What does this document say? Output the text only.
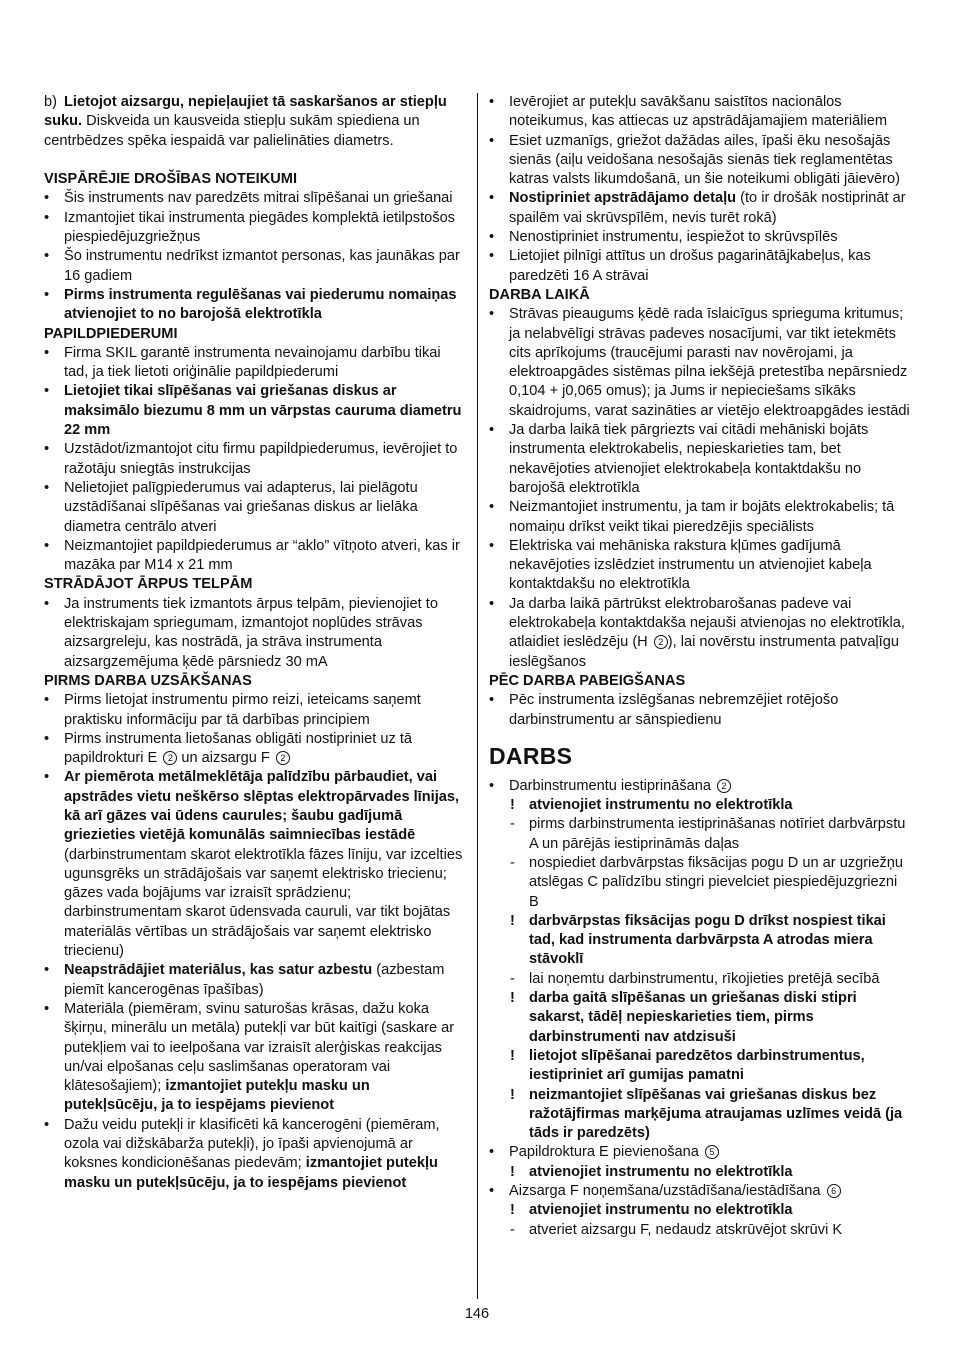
b) Lietojot aizsargu, nepieļaujiet tā saskaršanos ar stiepļu suku. Diskveida un kausveida stiepļu sukām spiediena un centrbēdzes spēka iespaidā var palielināties diametrs.

VISPĀRĒJIE DROŠĪBAS NOTEIKUMI

• Šis instruments nav paredzēts mitrai slīpēšanai un griešanai
• Izmantojiet tikai instrumenta piegādes komplektā ietilpstošos piespiedējuzgriežņus
• Šo instrumentu nedrīkst izmantot personas, kas jaunākas par 16 gadiem
• Pirms instrumenta regulēšanas vai piederumu nomaiņas atvienojiet to no barojošā elektrotīkla

PAPILDPIEDERUMI

• Firma SKIL garantē instrumenta nevainojamu darbību tikai tad, ja tiek lietoti oriģinālie papildpiederumi
• Lietojiet tikai slīpēšanas vai griešanas diskus ar maksimālo biezumu 8 mm un vārpstas cauruma diametru 22 mm
• Uzstādot/izmantojot citu firmu papildpiederumus, ievērojiet to ražotāju sniegtās instrukcijas
• Nelietojiet palīgpiederumus vai adapterus, lai pielāgotu uzstādīšanai slīpēšanas vai griešanas diskus ar lielāka diametra centrālo atveri
• Neizmantojiet papildpiederumus ar “aklo” vītņoto atveri, kas ir mazāka par M14 x 21 mm

STRĀDĀJOT ĀRPUS TELPĀM

• Ja instruments tiek izmantots ārpus telpām, pievienojiet to elektriskajam spriegumam, izmantojot noplūdes strāvas aizsargreleju, kas nostrādā, ja strāva instrumenta aizsargzemējuma ķēdē pārsniedz 30 mA

PIRMS DARBA UZSĀKŠANAS

• Pirms lietojat instrumentu pirmo reizi, ieteicams saņemt praktisku informāciju par tā darbības principiem
• Pirms instrumenta lietošanas obligāti nostipriniet uz tā papildrokturi E 2 un aizsargu F 2
• Ar piemērota metālmeklētāja palīdzību pārbaudiet, vai apstrādes vietu neškērso slēptas elektropārvades līnijas, kā arī gāzes vai ūdens caurules; šaubu gadījumā griezieties vietējā komunālās saimniecības iestādē (darbinstrumentam skarot elektrotīkla fāzes līniju, var izcelties ugunsgrēks un strādājošais var saņemt elektrisko triecienu; gāzes vada bojājums var izraisīt sprādzienu; darbinstrumentam skarot ūdensvada cauruli, var tikt bojātas materiālās vērtības un strādājošais var saņemt elektrisko triecienu)
• Neapstrādājiet materiālus, kas satur azbestu (azbestam piemīt kancerogēnas īpašības)
• Materiāla (piemēram, svinu saturošas krāsas, dažu koka šķirņu, minerālu un metāla) putekļi var būt kaitīgi (saskare ar putekļiem vai to ieelpošana var izraisīt alerģiskas reakcijas un/vai elpošanas ceļu saslimšanas operatoram vai klātesošajiem); izmantojiet putekļu masku un putekļsūcēju, ja to iespējams pievienot
• Dažu veidu putekļi ir klasificēti kā kancerogēni (piemēram, ozola vai dižskābarža putekļi), jo īpaši apvienojumā ar koksnes kondicionēšanas piedevām; izmantojiet putekļu masku un putekļsūcēju, ja to iespējams pievienot
• Ievērojiet ar putekļu savākšanu saistītos nacionālos noteikumus, kas attiecas uz apstrādājamajiem materiāliem
• Esiet uzmanīgs, griežot dažādas ailes, īpaši ēku nesošajās sienās (aiļu veidošana nesošajās sienās tiek reglamentētas katras valsts likumdošanā, un šie noteikumi obligāti jāievēro)
• Nostipriniet apstrādājamo detaļu (to ir drošāk nostiprināt ar spailēm vai skrūvspīlēm, nevis turēt rokā)
• Nenostipriniet instrumentu, iespiežot to skrūvspīlēs
• Lietojiet pilnīgi attītus un drošus pagarinātājkabeļus, kas paredzēti 16 A strāvai

DARBA LAIKĀ

• Strāvas pieaugums ķēdē rada īslaicīgus sprieguma kritumus; ja nelabvēlīgi strāvas padeves nosacījumi, var tikt ietekmēts cits aprīkojums (traucējumi parasti nav novērojami, ja elektroapgādes sistēmas pilna iekšējā pretestība nepārsniedz 0,104 + j0,065 omus); ja Jums ir nepieciešams sīkāks skaidrojums, varat sazināties ar vietējo elektroapgādes iestādi
• Ja darba laikā tiek pārgriezts vai citādi mehāniski bojāts instrumenta elektrokabelis, nepieskarieties tam, bet nekavējoties atvienojiet elektrokabeļa kontaktdakšu no barojošā elektrotīkla
• Neizmantojiet instrumentu, ja tam ir bojāts elektrokabelis; tā nomaiņu drīkst veikt tikai pieredzējis speciālists
• Elektriska vai mehāniska rakstura kļūmes gadījumā nekavējoties izslēdziet instrumentu un atvienojiet kabeļa kontaktdakšu no elektrotīkla
• Ja darba laikā pārtrūkst elektrobarošanas padeve vai elektrokabeļa kontaktdakša nejauši atvienojas no elektrotīkla, atlaidiet ieslēdzēju (H 2 ), lai novērstu instrumenta patvaļīgu ieslēgšanos

PĒC DARBA PABEIGŠANAS

• Pēc instrumenta izslēgšanas nebremzējiet rotējošo darbinstrumentu ar sānspiedienu
DARBS
• Darbinstrumentu iestiprināšana 2
! atvienojiet instrumentu no elektrotīkla
- pirms darbinstrumenta iestiprināšanas notīriet darbvārpstu A un pārējās iestiprināmās daļas
- nospiediet darbvārpstas fiksācijas pogu D un ar uzgriežņu atslēgas C palīdzību stingri pievelciet piespiedējuzgriezni B
! darbvārpstas fiksācijas pogu D drīkst nospiest tikai tad, kad instrumenta darbvārpsta A atrodas miera stāvoklī
- lai noņemtu darbinstrumentu, rīkojieties pretējā secībā
! darba gaitā slīpēšanas un griešanas diski stipri sakarst, tādēļ nepieskarieties tiem, pirms darbinstrumenti nav atdzisuši
! lietojot slīpēšanai paredzētos darbinstrumentus, iestipriniet arī gumijas pamatni
! neizmantojiet slīpēšanas vai griešanas diskus bez ražotājfirmas marķējuma atraujamas uzlīmes veidā (ja tāds ir paredzēts)
• Papildroktura E pievienošana 5
! atvienojiet instrumentu no elektrotīkla
• Aizsarga F noņemšana/uzstādīšana/iestādīšana 6
! atvienojiet instrumentu no elektrotīkla
- atveriet aizsargu F, nedaudz atskrūvējot skrūvi K
146
